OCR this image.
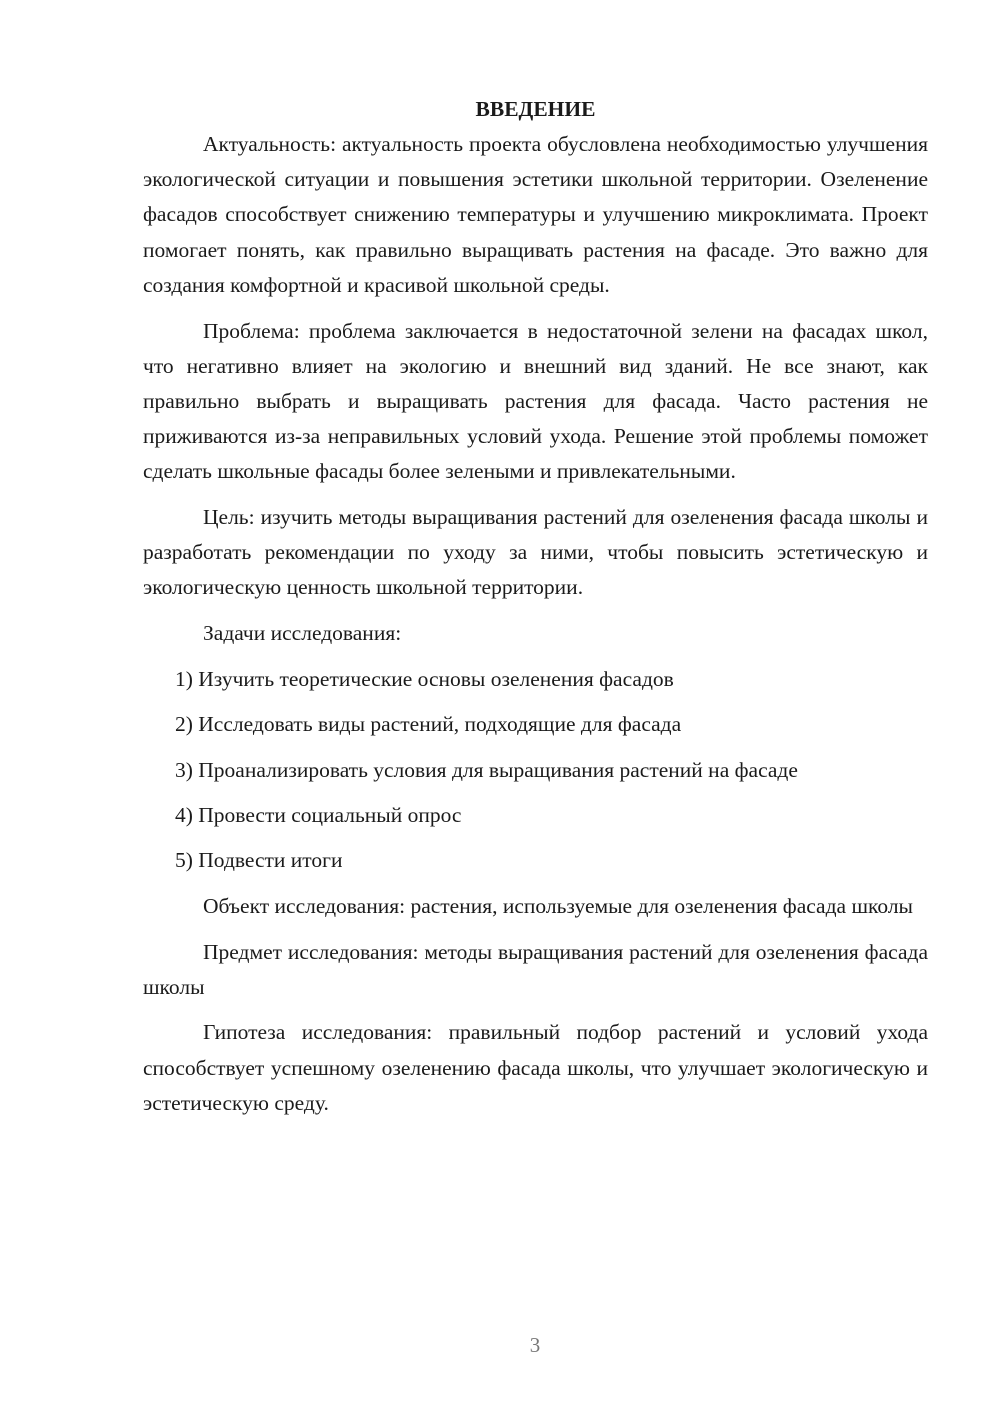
ВВЕДЕНИЕ

Актуальность: актуальность проекта обусловлена необходимостью улучшения экологической ситуации и повышения эстетики школьной территории. Озеленение фасадов способствует снижению температуры и улучшению микроклимата. Проект помогает понять, как правильно выращивать растения на фасаде. Это важно для создания комфортной и красивой школьной среды.

Проблема: проблема заключается в недостаточной зелени на фасадах школ, что негативно влияет на экологию и внешний вид зданий. Не все знают, как правильно выбрать и выращивать растения для фасада. Часто растения не приживаются из-за неправильных условий ухода. Решение этой проблемы поможет сделать школьные фасады более зелеными и привлекательными.

Цель: изучить методы выращивания растений для озеленения фасада школы и разработать рекомендации по уходу за ними, чтобы повысить эстетическую и экологическую ценность школьной территории.

Задачи исследования:
1) Изучить теоретические основы озеленения фасадов
2) Исследовать виды растений, подходящие для фасада
3) Проанализировать условия для выращивания растений на фасаде
4) Провести социальный опрос
5) Подвести итоги

Объект исследования: растения, используемые для озеленения фасада школы

Предмет исследования: методы выращивания растений для озеленения фасада школы

Гипотеза исследования: правильный подбор растений и условий ухода способствует успешному озеленению фасада школы, что улучшает экологическую и эстетическую среду.

3
